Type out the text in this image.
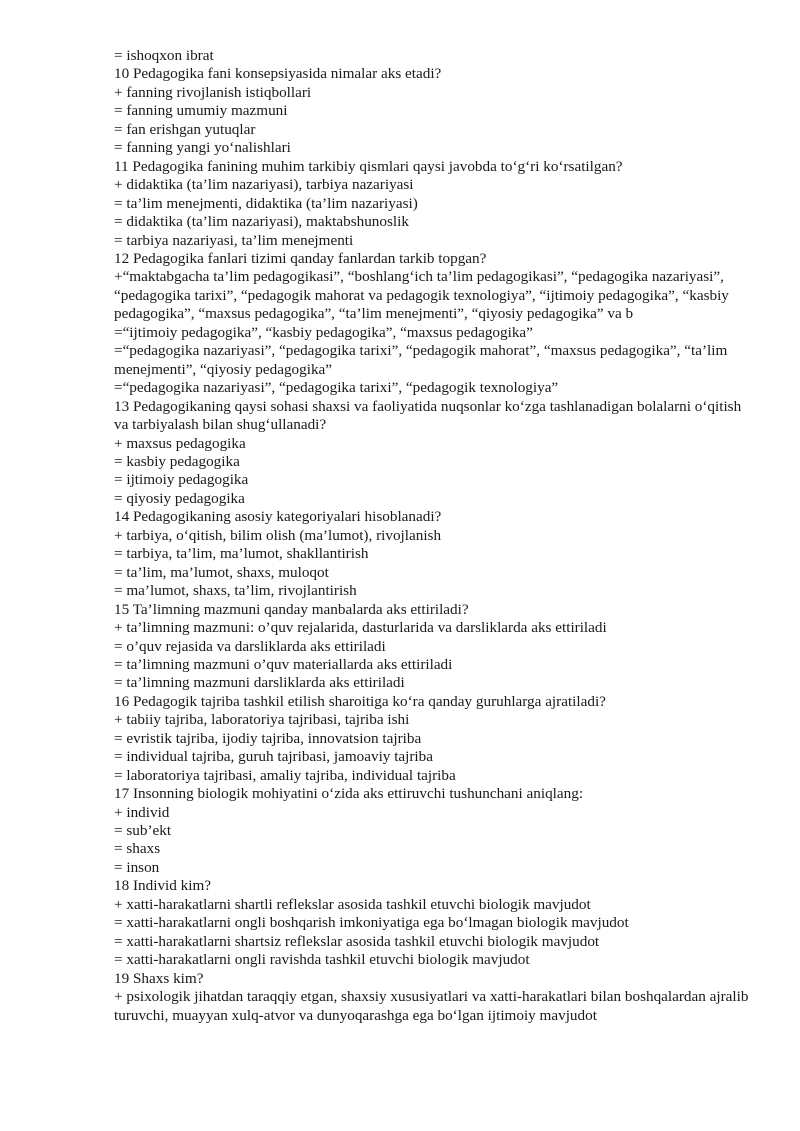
= ishoqxon ibrat

10 Pedagogika fani konsepsiyasida nimalar aks etadi?

+ fanning rivojlanish istiqbollari

= fanning umumiy mazmuni

= fan erishgan yutuqlar

= fanning yangi yo‘nalishlari

11 Pedagogika fanining muhim tarkibiy qismlari qaysi javobda to‘g‘ri ko‘rsatilgan?

+ didaktika (ta’lim nazariyasi), tarbiya nazariyasi

= ta’lim menejmenti, didaktika (ta’lim nazariyasi)

= didaktika (ta’lim nazariyasi), maktabshunoslik

= tarbiya nazariyasi, ta’lim menejmenti

12 Pedagogika fanlari tizimi qanday fanlardan tarkib topgan?

+“maktabgacha ta’lim pedagogikasi”, “boshlang‘ich ta’lim pedagogikasi”, “pedagogika nazariyasi”, “pedagogika tarixi”, “pedagogik mahorat va pedagogik texnologiya”, “ijtimoiy pedagogika”, “kasbiy pedagogika”, “maxsus pedagogika”, “ta’lim menejmenti”, “qiyosiy pedagogika” va b

=“ijtimoiy pedagogika”, “kasbiy pedagogika”, “maxsus pedagogika”

=“pedagogika nazariyasi”, “pedagogika tarixi”, “pedagogik mahorat”, “maxsus pedagogika”, “ta’lim menejmenti”, “qiyosiy pedagogika”

=“pedagogika nazariyasi”, “pedagogika tarixi”, “pedagogik texnologiya”

13 Pedagogikaning qaysi sohasi shaxsi va faoliyatida nuqsonlar ko‘zga tashlanadigan bolalarni o‘qitish va tarbiyalash bilan shug‘ullanadi?

+ maxsus pedagogika

= kasbiy pedagogika

= ijtimoiy pedagogika

= qiyosiy pedagogika

14 Pedagogikaning asosiy kategoriyalari hisoblanadi?

+ tarbiya, o‘qitish, bilim olish (ma’lumot), rivojlanish

= tarbiya, ta’lim, ma’lumot, shakllantirish

= ta’lim, ma’lumot, shaxs, muloqot

= ma’lumot, shaxs, ta’lim, rivojlantirish

15 Ta’limning mazmuni qanday manbalarda aks ettiriladi?

+ ta’limning mazmuni: o’quv rejalarida, dasturlarida va darsliklarda aks ettiriladi

= o’quv rejasida va darsliklarda aks ettiriladi

= ta’limning mazmuni o’quv materiallarda aks ettiriladi

= ta’limning mazmuni darsliklarda aks ettiriladi

16 Pedagogik tajriba tashkil etilish sharoitiga ko‘ra qanday guruhlarga ajratiladi?

+ tabiiy tajriba, laboratoriya tajribasi, tajriba ishi

= evristik tajriba, ijodiy tajriba, innovatsion tajriba

= individual tajriba, guruh tajribasi, jamoaviy tajriba

= laboratoriya tajribasi, amaliy tajriba, individual tajriba

17 Insonning biologik mohiyatini o‘zida aks ettiruvchi tushunchani aniqlang:

+ individ

= sub’ekt

= shaxs

= inson

18 Individ kim?

+ xatti-harakatlarni shartli reflekslar asosida tashkil etuvchi biologik mavjudot

= xatti-harakatlarni ongli boshqarish imkoniyatiga ega bo‘lmagan biologik mavjudot

= xatti-harakatlarni shartsiz reflekslar asosida tashkil etuvchi biologik mavjudot

= xatti-harakatlarni ongli ravishda tashkil etuvchi biologik mavjudot

19 Shaxs kim?

+ psixologik jihatdan taraqqiy etgan, shaxsiy xususiyatlari va xatti-harakatlari bilan boshqalardan ajralib turuvchi, muayyan xulq-atvor va dunyoqarashga ega bo‘lgan ijtimoiy mavjudot
